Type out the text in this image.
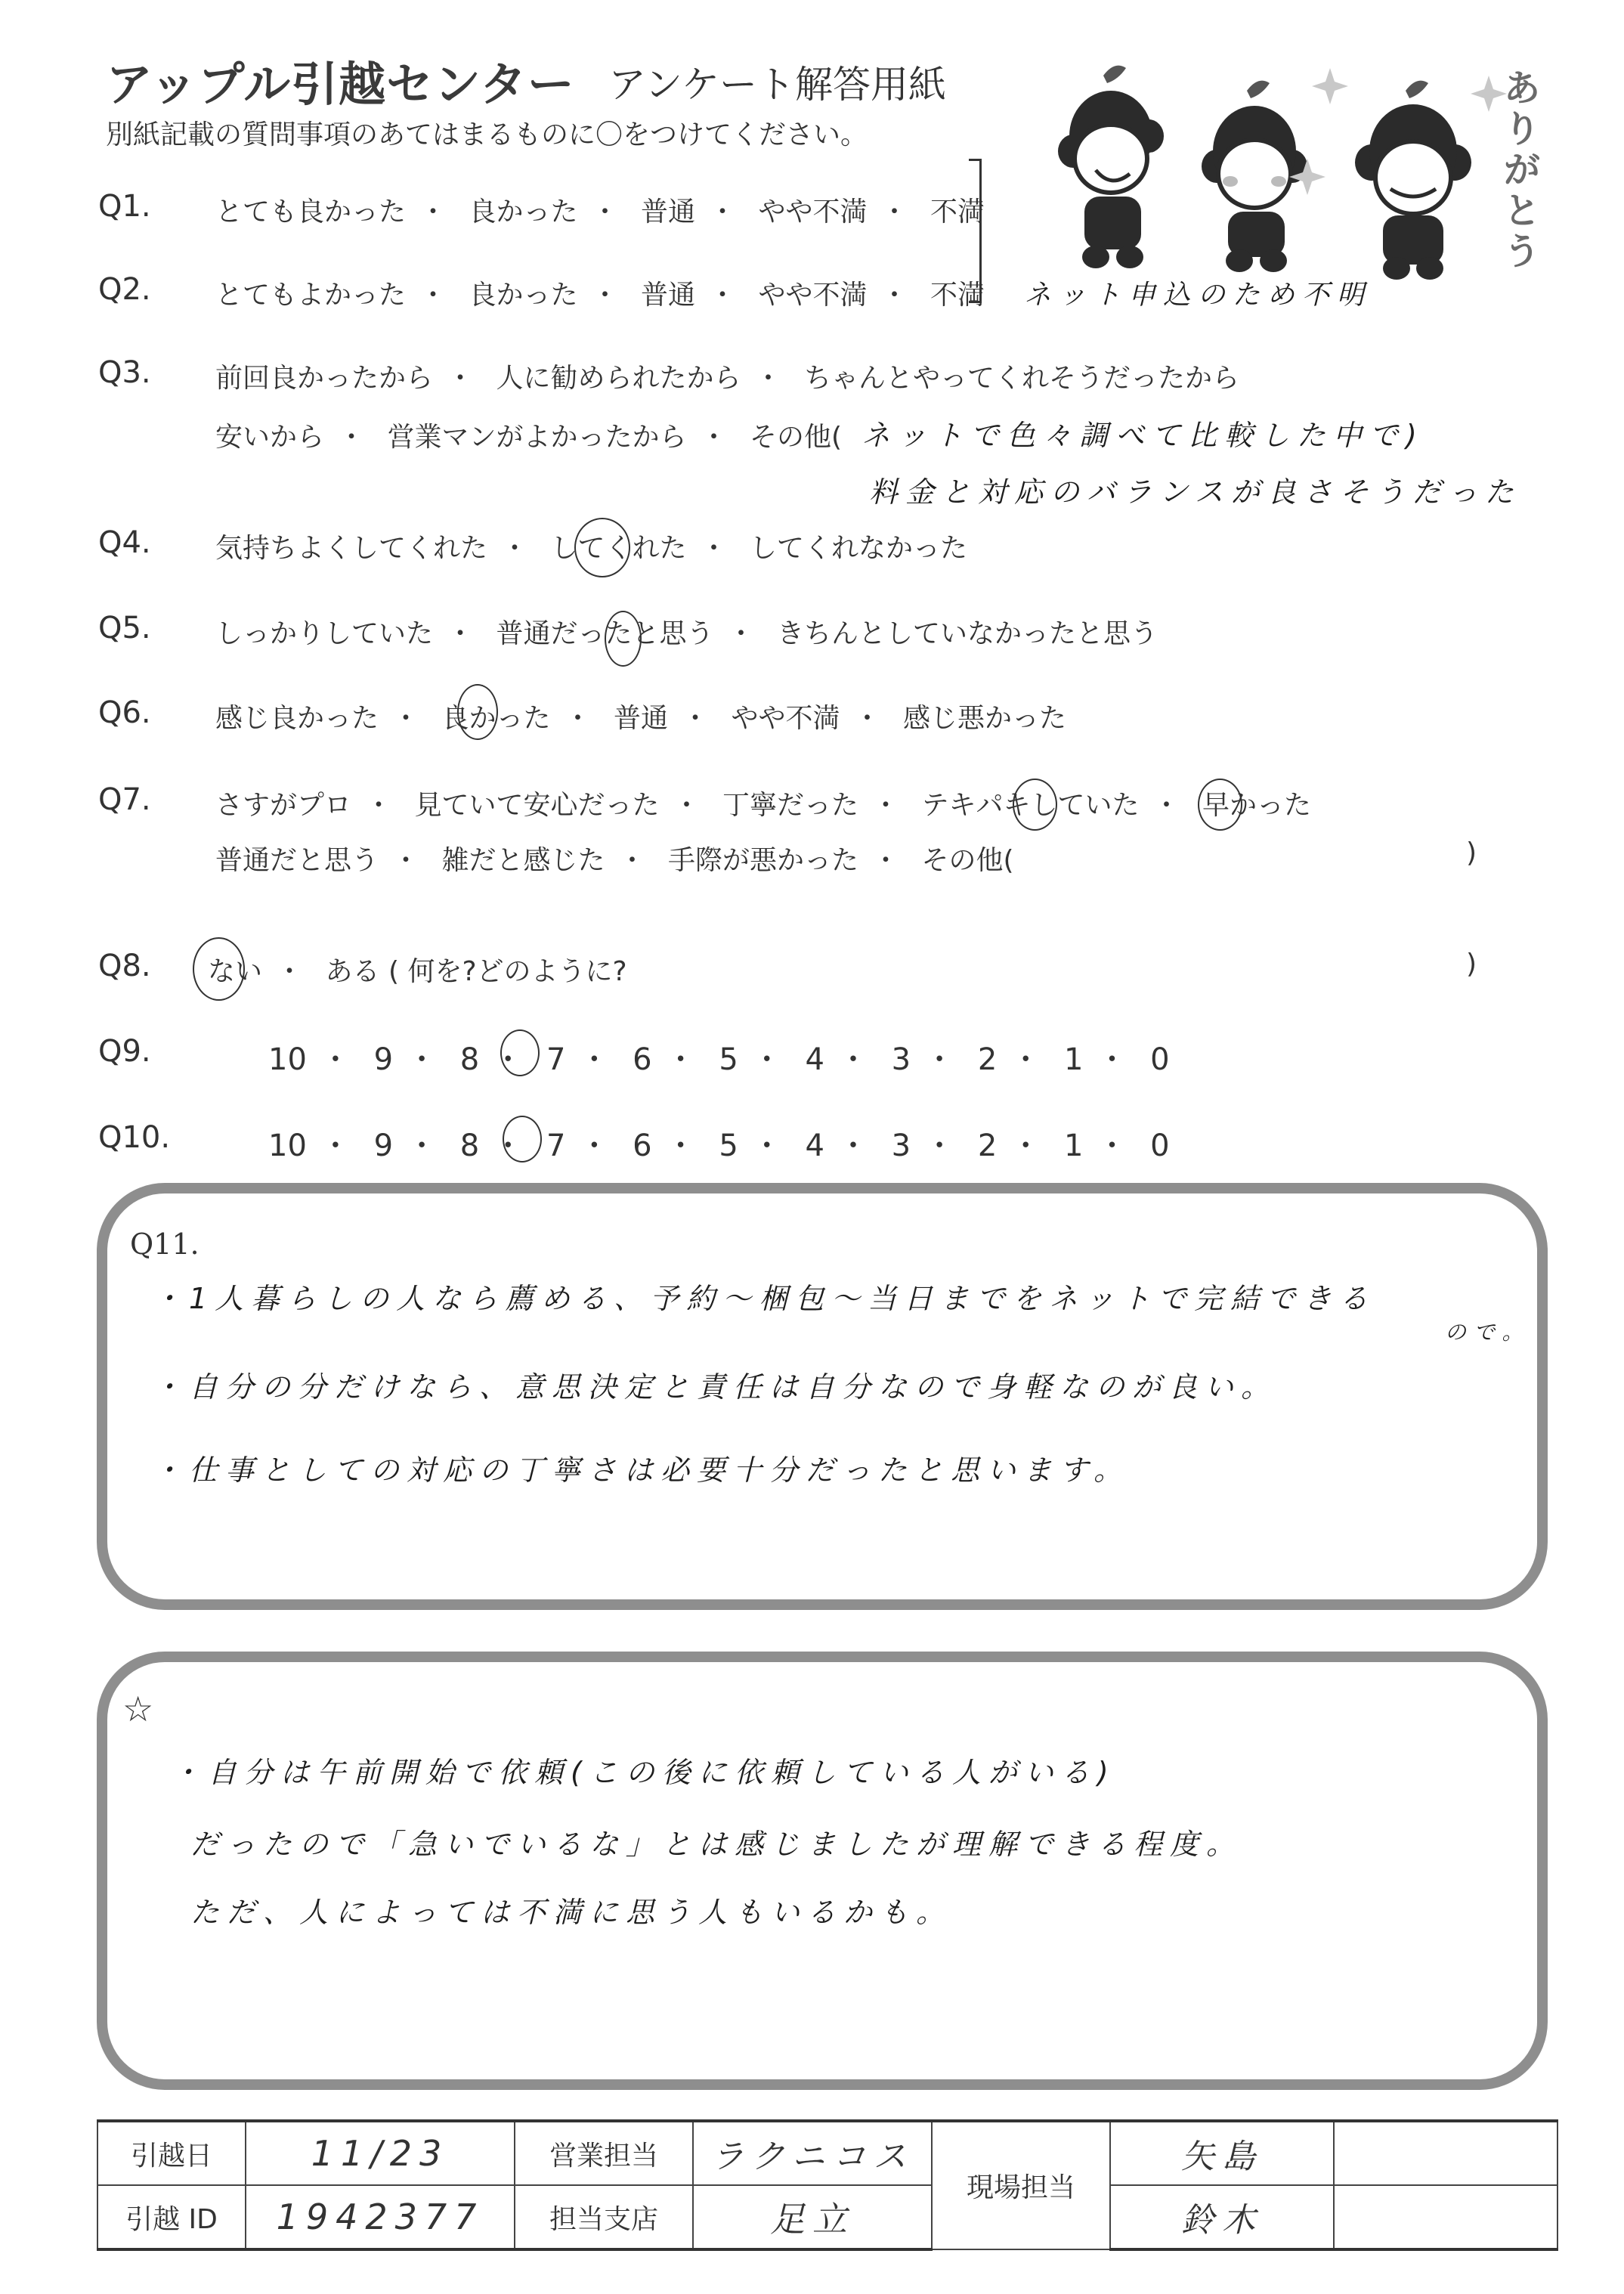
アップル引越センター アンケート解答用紙
別紙記載の質問事項のあてはまるものに〇をつけてください。
ありがとう
Q1. とても良かった ・ 良かった ・ 普通 ・ やや不満 ・ 不満
Q2. とてもよかった ・ 良かった ・ 普通 ・ やや不満 ・ 不満 ネット申込のため不明
Q3. 前回良かったから ・ 人に勧められたから ・ ちゃんとやってくれそうだったから
安いから ・ 営業マンがよかったから ・ その他( ネットで色々調べて比較した中で)
料金と対応のバランスが良さそうだった
Q4. 気持ちよくしてくれた ・ してくれた ・ してくれなかった
Q5. しっかりしていた ・ 普通だったと思う ・ きちんとしていなかったと思う
Q6. 感じ良かった ・ 良かった ・ 普通 ・ やや不満 ・ 感じ悪かった
Q7. さすがプロ ・ 見ていて安心だった ・ 丁寧だった ・ テキパキしていた ・ 早かった
普通だと思う ・ 雑だと感じた ・ 手際が悪かった ・ その他(	)
Q8. ない ・ ある ( 何を?どのように?	)
Q9.	10 ・ 9 ・ 8 ・ 7 ・ 6 ・ 5 ・ 4 ・ 3 ・ 2 ・ 1 ・ 0
Q10.	10 ・ 9 ・ 8 ・ 7 ・ 6 ・ 5 ・ 4 ・ 3 ・ 2 ・ 1 ・ 0
Q11.
・1人暮らしの人なら薦める、予約～梱包～当日までをネットで完結できる
ので。
・自分の分だけなら、意思決定と責任は自分なので身軽なのが良い。
・仕事としての対応の丁寧さは必要十分だったと思います。
☆
・自分は午前開始で依頼(この後に依頼している人がいる)
だったので「急いでいるな」とは感じましたが理解できる程度。
ただ、人によっては不満に思う人もいるかも。
引越日	11/23	営業担当	ラクニコス	現場担当	矢島	
引越 ID	1942377	担当支店	足立		鈴木	
